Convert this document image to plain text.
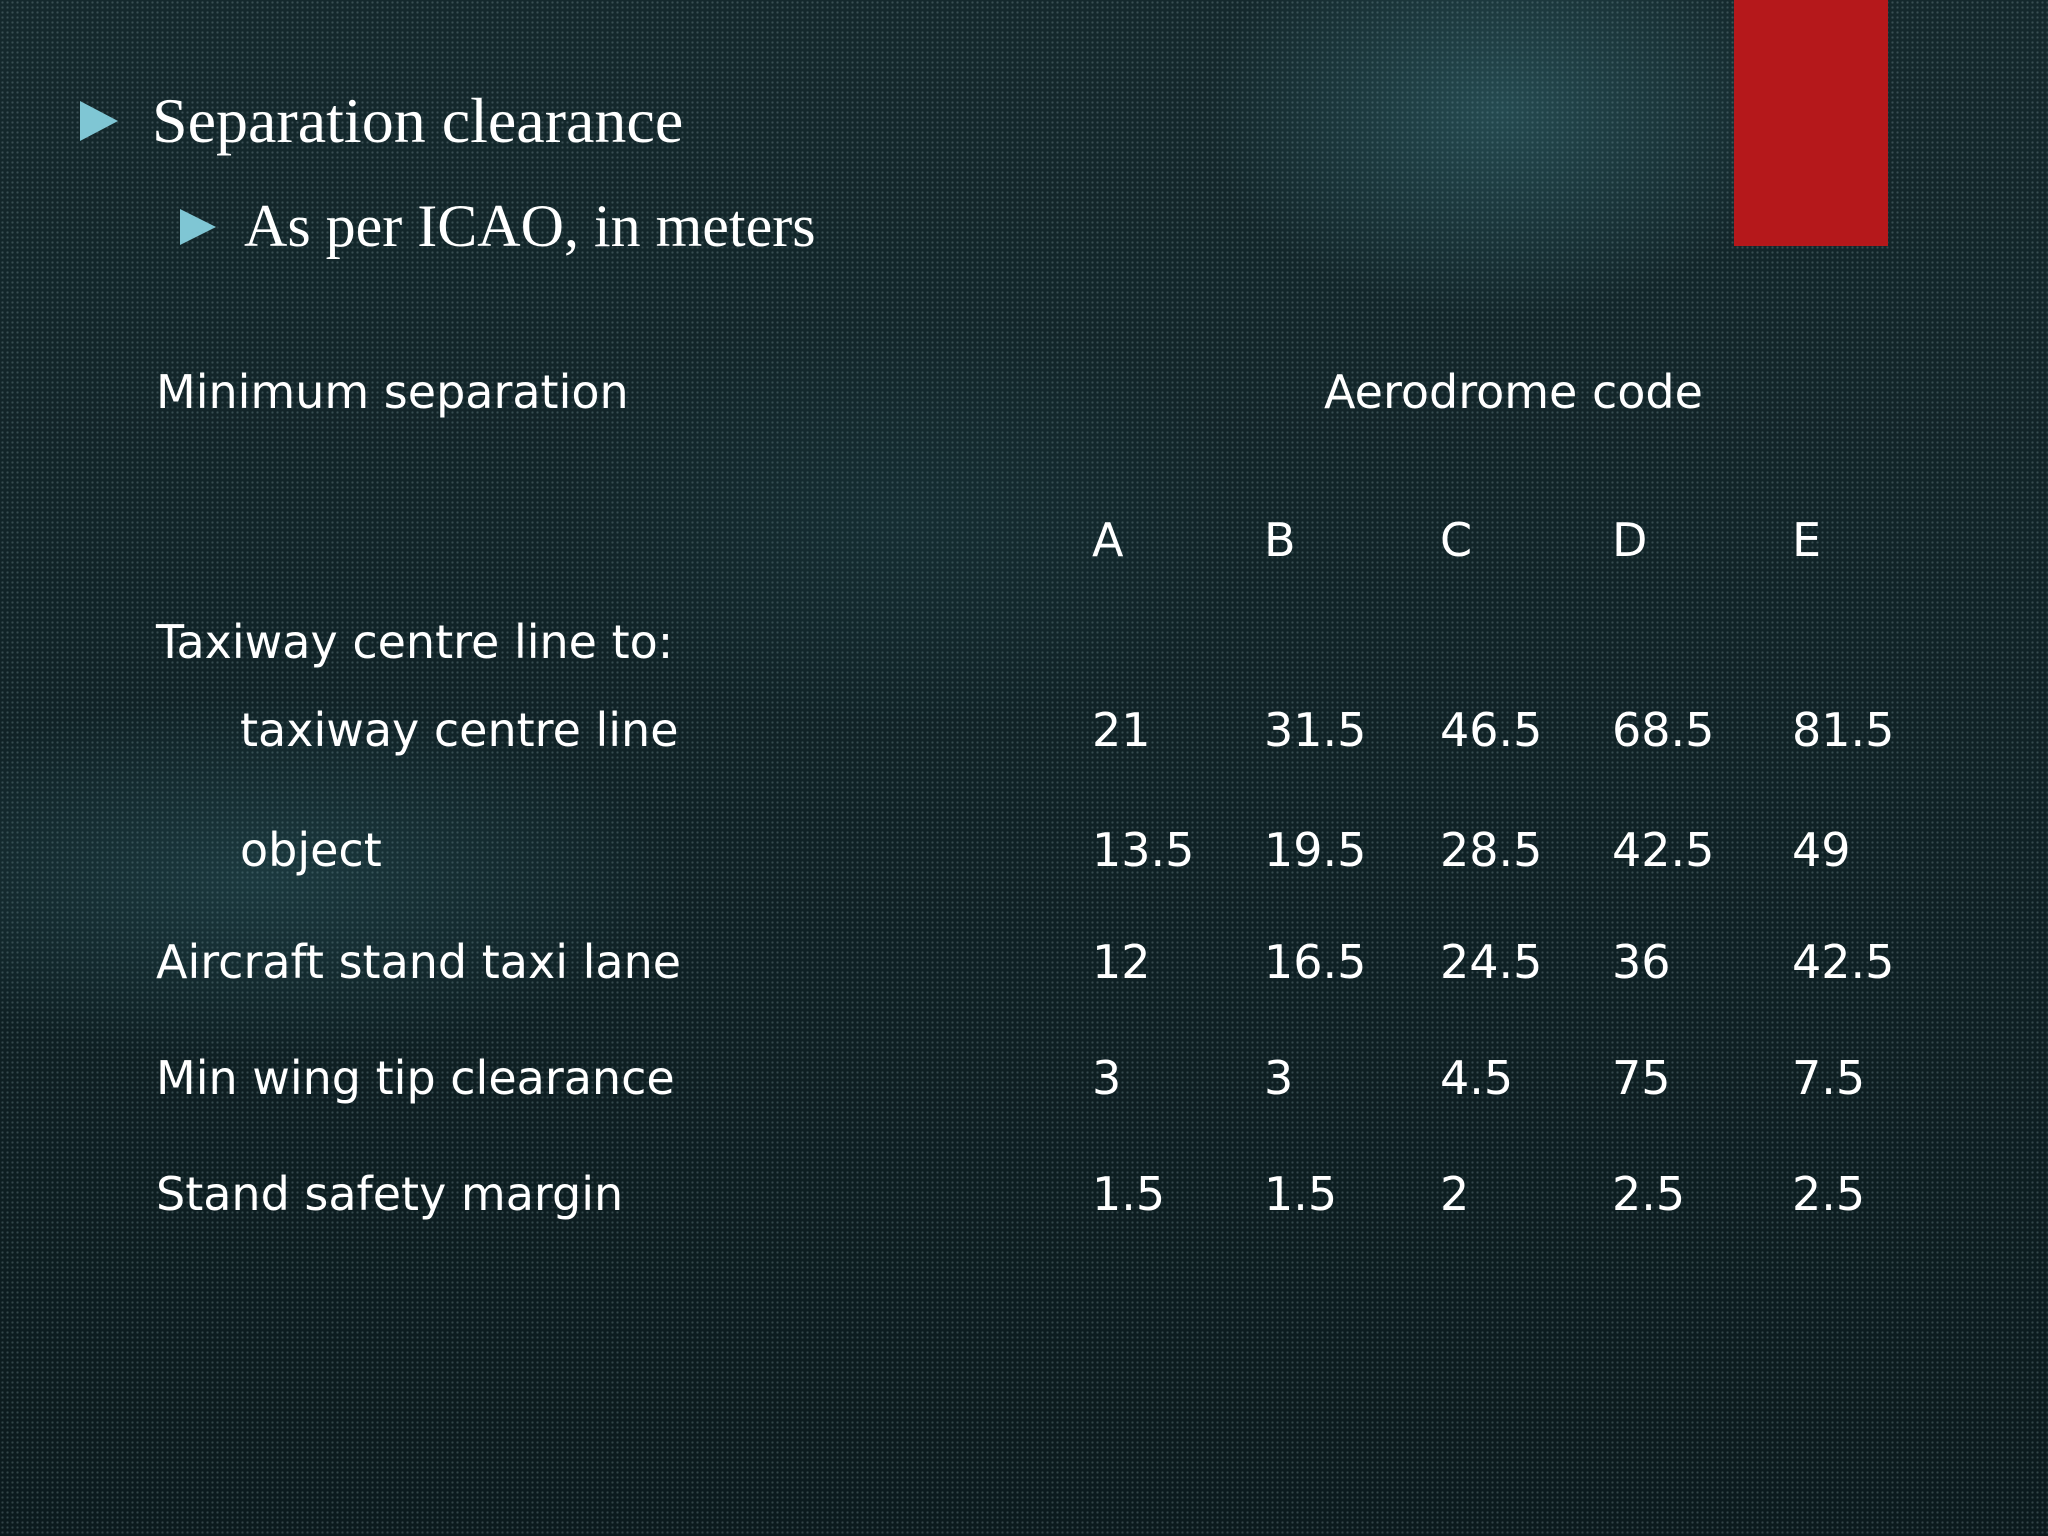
Separation clearance
As per ICAO, in meters
Minimum separation	Aerodrome code
A	B	C	D	E
Taxiway centre line to:
taxiway centre line	21 31.5 46.5 68.5 81.5
object	13.5 19.5 28.5 42.5 49
Aircraft stand taxi lane	12 16.5 24.5 36	42.5
Min wing tip clearance	3	3	4.5 75	7.5
Stand safety margin	1.5 1.5 2	2.5 2.5
